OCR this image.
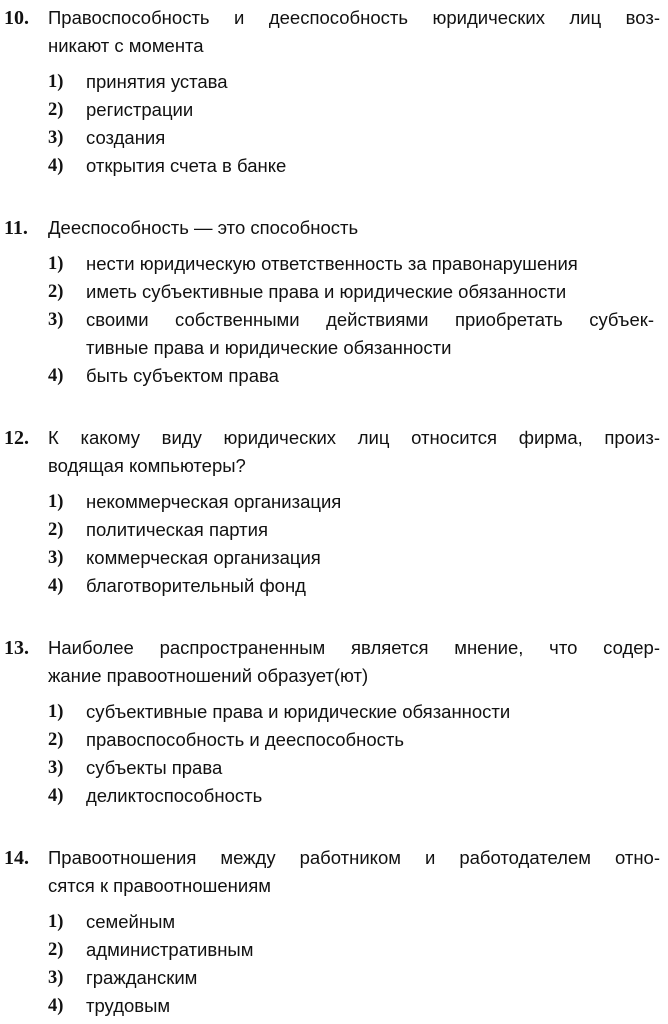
10.	Правоспособность и дееспособность юридических лиц воз-
никают с момента
1)	принятия устава
2)	регистрации
3)	создания
4)	открытия счета в банке
11.	Дееспособность — это способность
1)	нести юридическую ответственность за правонарушения
2)	иметь субъективные права и юридические обязанности
3)	своими собственными действиями приобретать субъек-
тивные права и юридические обязанности
4)	быть субъектом права
12.	К какому виду юридических лиц относится фирма, произ-
водящая компьютеры?
1)	некоммерческая организация
2)	политическая партия
3)	коммерческая организация
4)	благотворительный фонд
13.	Наиболее распространенным является мнение, что содер-
жание правоотношений образует(ют)
1)	субъективные права и юридические обязанности
2)	правоспособность и дееспособность
3)	субъекты права
4)	деликтоспособность
14.	Правоотношения между работником и работодателем отно-
сятся к правоотношениям
1)	семейным
2)	административным
3)	гражданским
4)	трудовым
